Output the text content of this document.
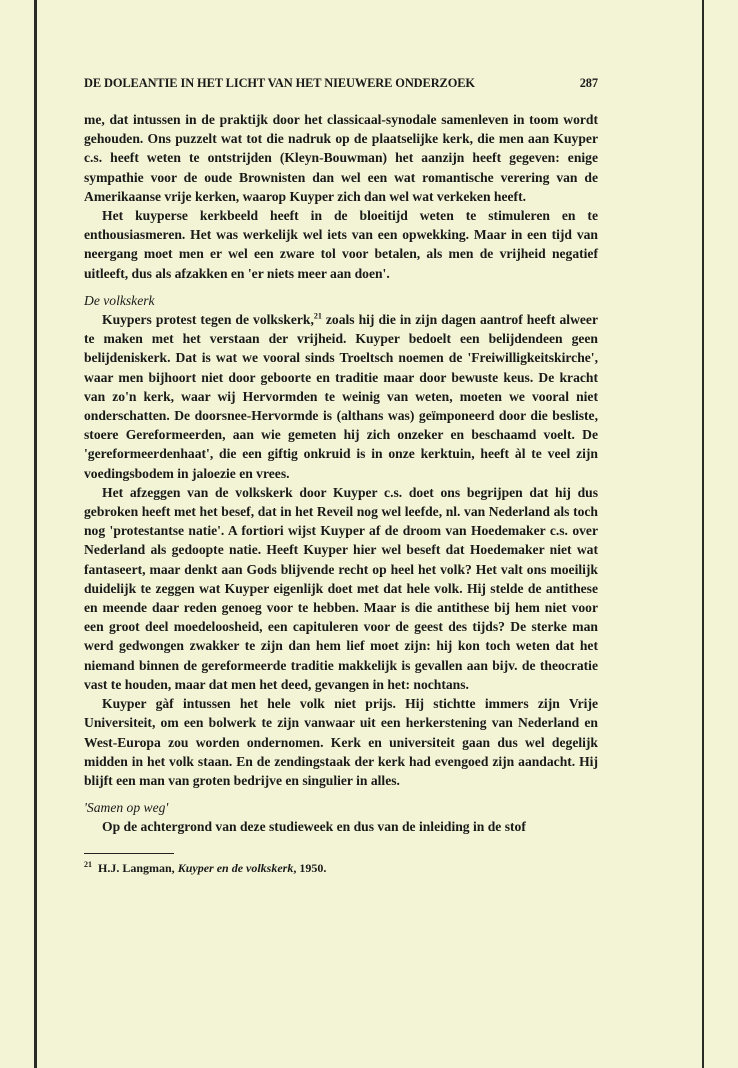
DE DOLEANTIE IN HET LICHT VAN HET NIEUWERE ONDERZOEK	287

me, dat intussen in de praktijk door het classicaal-synodale samenleven in toom wordt gehouden. Ons puzzelt wat tot die nadruk op de plaatselijke kerk, die men aan Kuyper c.s. heeft weten te ontstrijden (Kleyn-Bouwman) het aanzijn heeft gegeven: enige sympathie voor de oude Brownisten dan wel een wat romantische verering van de Amerikaanse vrije kerken, waarop Kuyper zich dan wel wat verkeken heeft.

Het kuyperse kerkbeeld heeft in de bloeitijd weten te stimuleren en te enthousiasmeren. Het was werkelijk wel iets van een opwekking. Maar in een tijd van neergang moet men er wel een zware tol voor betalen, als men de vrijheid negatief uitleeft, dus als afzakken en 'er niets meer aan doen'.

De volkskerk

Kuypers protest tegen de volkskerk,$^{21}$ zoals hij die in zijn dagen aantrof heeft alweer te maken met het verstaan der vrijheid. Kuyper bedoelt een belijdendeen geen belijdeniskerk. Dat is wat we vooral sinds Troeltsch noemen de 'Freiwilligkeitskirche', waar men bijhoort niet door geboorte en traditie maar door bewuste keus. De kracht van zo'n kerk, waar wij Hervormden te weinig van weten, moeten we vooral niet onderschatten. De doorsnee-Hervormde is (althans was) geïmponeerd door die besliste, stoere Gereformeerden, aan wie gemeten hij zich onzeker en beschaamd voelt. De 'gereformeerdenhaat', die een giftig onkruid is in onze kerktuin, heeft àl te veel zijn voedingsbodem in jaloezie en vrees.

Het afzeggen van de volkskerk door Kuyper c.s. doet ons begrijpen dat hij dus gebroken heeft met het besef, dat in het Reveil nog wel leefde, nl. van Nederland als toch nog 'protestantse natie'. A fortiori wijst Kuyper af de droom van Hoedemaker c.s. over Nederland als gedoopte natie. Heeft Kuyper hier wel beseft dat Hoedemaker niet wat fantaseert, maar denkt aan Gods blijvende recht op heel het volk? Het valt ons moeilijk duidelijk te zeggen wat Kuyper eigenlijk doet met dat hele volk. Hij stelde de antithese en meende daar reden genoeg voor te hebben. Maar is die antithese bij hem niet voor een groot deel moedeloosheid, een capituleren voor de geest des tijds? De sterke man werd gedwongen zwakker te zijn dan hem lief moet zijn: hij kon toch weten dat het niemand binnen de gereformeerde traditie makkelijk is gevallen aan bijv. de theocratie vast te houden, maar dat men het deed, gevangen in het: nochtans.

Kuyper gàf intussen het hele volk niet prijs. Hij stichtte immers zijn Vrije Universiteit, om een bolwerk te zijn vanwaar uit een herkerstening van Nederland en West-Europa zou worden ondernomen. Kerk en universiteit gaan dus wel degelijk midden in het volk staan. En de zendingstaak der kerk had evengoed zijn aandacht. Hij blijft een man van groten bedrijve en singulier in alles.

'Samen op weg'

Op de achtergrond van deze studieweek en dus van de inleiding in de stof

$^{21}$ H.J. Langman, Kuyper en de volkskerk, 1950.
